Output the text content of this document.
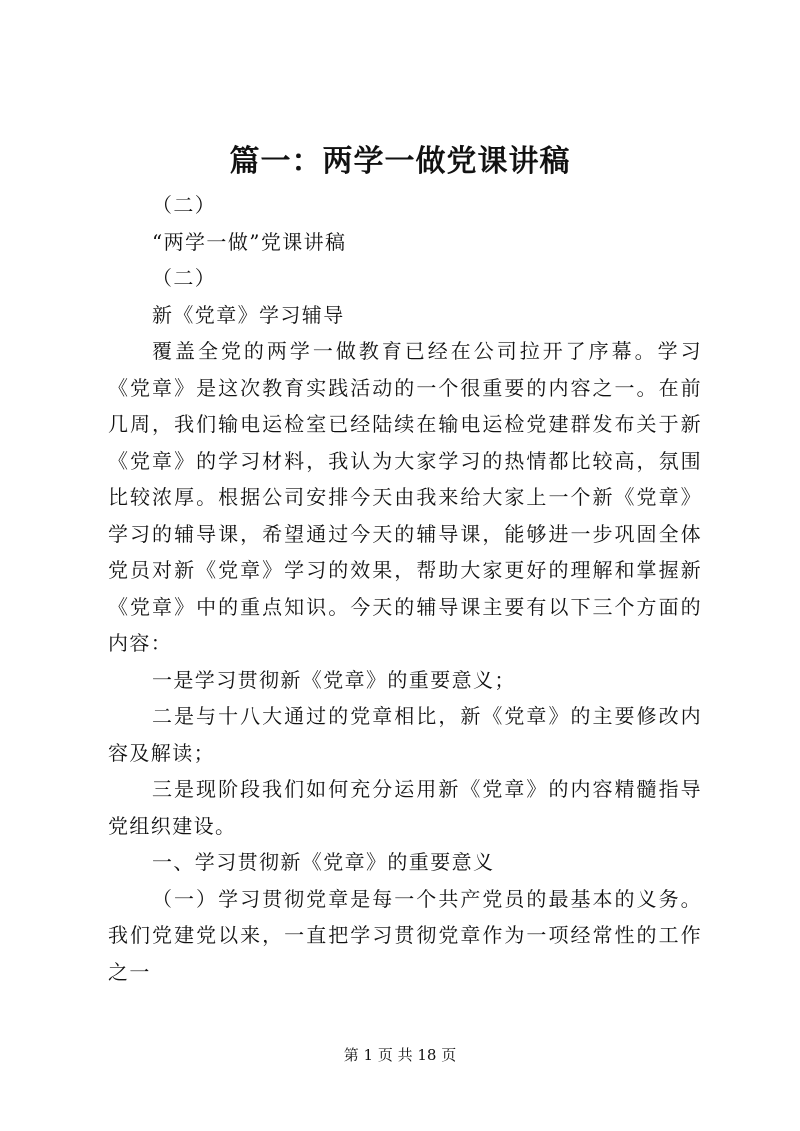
篇一：两学一做党课讲稿

（二）

“两学一做”党课讲稿

（二）

新《党章》学习辅导

覆盖全党的两学一做教育已经在公司拉开了序幕。学习《党章》是这次教育实践活动的一个很重要的内容之一。在前几周，我们输电运检室已经陆续在输电运检党建群发布关于新《党章》的学习材料，我认为大家学习的热情都比较高，氛围比较浓厚。根据公司安排今天由我来给大家上一个新《党章》学习的辅导课，希望通过今天的辅导课，能够进一步巩固全体党员对新《党章》学习的效果，帮助大家更好的理解和掌握新《党章》中的重点知识。今天的辅导课主要有以下三个方面的内容：

一是学习贯彻新《党章》的重要意义；

二是与十八大通过的党章相比，新《党章》的主要修改内容及解读；

三是现阶段我们如何充分运用新《党章》的内容精髓指导党组织建设。

一、学习贯彻新《党章》的重要意义

（一）学习贯彻党章是每一个共产党员的最基本的义务。我们党建党以来，一直把学习贯彻党章作为一项经常性的工作之一

第 1 页 共 18 页
